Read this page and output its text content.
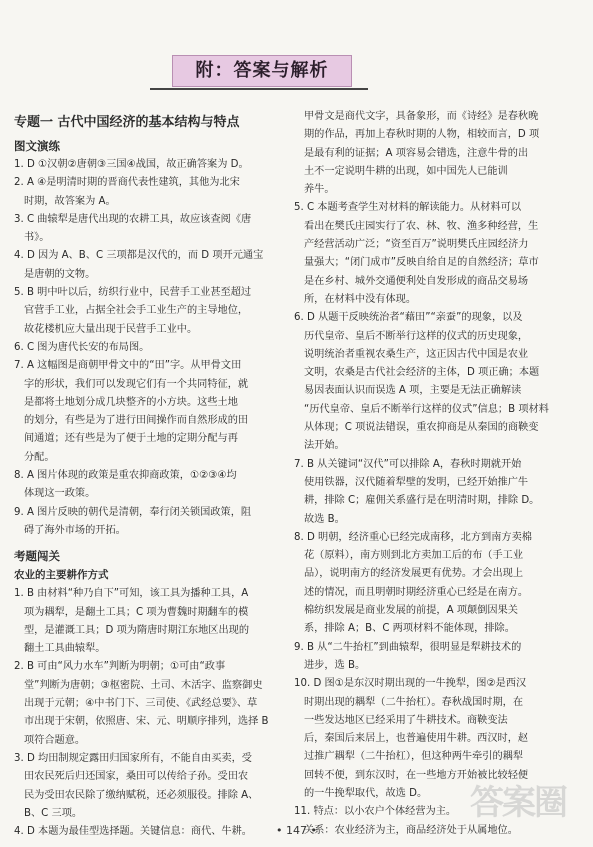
附：答案与解析

专题一 古代中国经济的基本结构与特点

图文演练

1. D ①汉朝②唐朝③三国④战国，故正确答案为 D。

2. A ④是明清时期的晋商代表性建筑，其他为北宋

时期，故答案为 A。

3. C 曲辕犁是唐代出现的农耕工具，故应该查阅《唐

书》。

4. D 因为 A、B、C 三项都是汉代的，而 D 项开元通宝

是唐朝的文物。

5. B 明中叶以后，纺织行业中，民营手工业甚至超过

官营手工业，占据全社会手工业生产的主导地位，

故花楼机应大量出现于民营手工业中。

6. C 图为唐代长安的布局图。

7. A 这幅图是商朝甲骨文中的“田”字。从甲骨文田

字的形状，我们可以发现它们有一个共同特征，就

是都将土地划分成几块整齐的小方块。这些土地

的划分，有些是为了进行田间操作而自然形成的田

间通道；还有些是为了便于土地的定期分配与再

分配。

8. A 图片体现的政策是重农抑商政策，①②③④均

体现这一政策。

9. A 图片反映的朝代是清朝，奉行闭关锁国政策，阻

碍了海外市场的开拓。

考题闯关

农业的主要耕作方式

1. B 由材料“种乃自下”可知，该工具为播种工具，A

项为耦犁，是翻土工具；C 项为曹魏时期翻车的模

型，是灌溉工具；D 项为隋唐时期江东地区出现的

翻土工具曲辕犁。

2. B 可由“风力水车”判断为明朝；①可由“政事

堂”判断为唐朝；③枢密院、土司、木活字、监察御史

出现于元朝；④中书门下、三司使、《武经总要》、草

市出现于宋朝，依照唐、宋、元、明顺序排列，选择 B

项符合题意。

3. D 均田制规定露田归国家所有，不能自由买卖，受

田农民死后归还国家，桑田可以传给子孙。受田农

民为受田农民除了缴纳赋税，还必须服役。排除 A、

B、C 三项。

4. D 本题为最佳型选择题。关键信息：商代、牛耕。

甲骨文是商代文字，具备象形，而《诗经》是春秋晚

期的作品，再加上春秋时期的人物，相较而言，D 项

是最有利的证据；A 项容易会错选，注意牛骨的出

土不一定说明牛耕的出现，如中国先人已能训

养牛。

5. C 本题考查学生对材料的解读能力。从材料可以

看出在樊氏庄园实行了农、林、牧、渔多种经营，生

产经营活动广泛；“资至百万”说明樊氏庄园经济力

量强大；“闭门成市”反映自给自足的自然经济；草市

是在乡村、城外交通便利处自发形成的商品交易场

所，在材料中没有体现。

6. D 从题干反映统治者“藉田”“亲蚕”的现象，以及

历代皇帝、皇后不断举行这样的仪式的历史现象，

说明统治者重视农桑生产，这正因古代中国是农业

文明，农桑是古代社会经济的主体，D 项正确；本题

易因表面认识而误选 A 项，主要是无法正确解读

“历代皇帝、皇后不断举行这样的仪式”信息；B 项材料

从体现；C 项说法错误，重农抑商是从秦国的商鞅变

法开始。

7. B 从关键词“汉代”可以排除 A，春秋时期就开始

使用铁器，汉代随着犁壁的发明，已经开始推广牛

耕，排除 C；雇佣关系盛行是在明清时期，排除 D。

故选 B。

8. D 明朝，经济重心已经完成南移，北方到南方卖棉

花（原料），南方则到北方卖加工后的布（手工业

品），说明南方的经济发展更有优势。才会出现上

述的情况，而且明朝时期经济重心已经是在南方。

棉纺织发展是商业发展的前提，A 项颠倒因果关

系，排除 A；B、C 两项材料不能体现，排除。

9. B 从“二牛抬杠”到曲辕犁，很明显是犁耕技术的

进步，选 B。

10. D 图①是东汉时期出现的一牛挽犁，图②是西汉

时期出现的耦犁（二牛抬杠）。春秋战国时期，在

一些发达地区已经采用了牛耕技术。商鞅变法

后，秦国后来居上，也普遍使用牛耕。西汉时，赵

过推广耦犁（二牛抬杠），但这种两牛牵引的耦犁

回转不便，到东汉时，在一些地方开始被比较轻便

的一牛挽犁取代，故选 D。

11. 特点：以小农户个体经营为主。

关系：农业经济为主，商品经济处于从属地位。

答案圈
• 147 •
